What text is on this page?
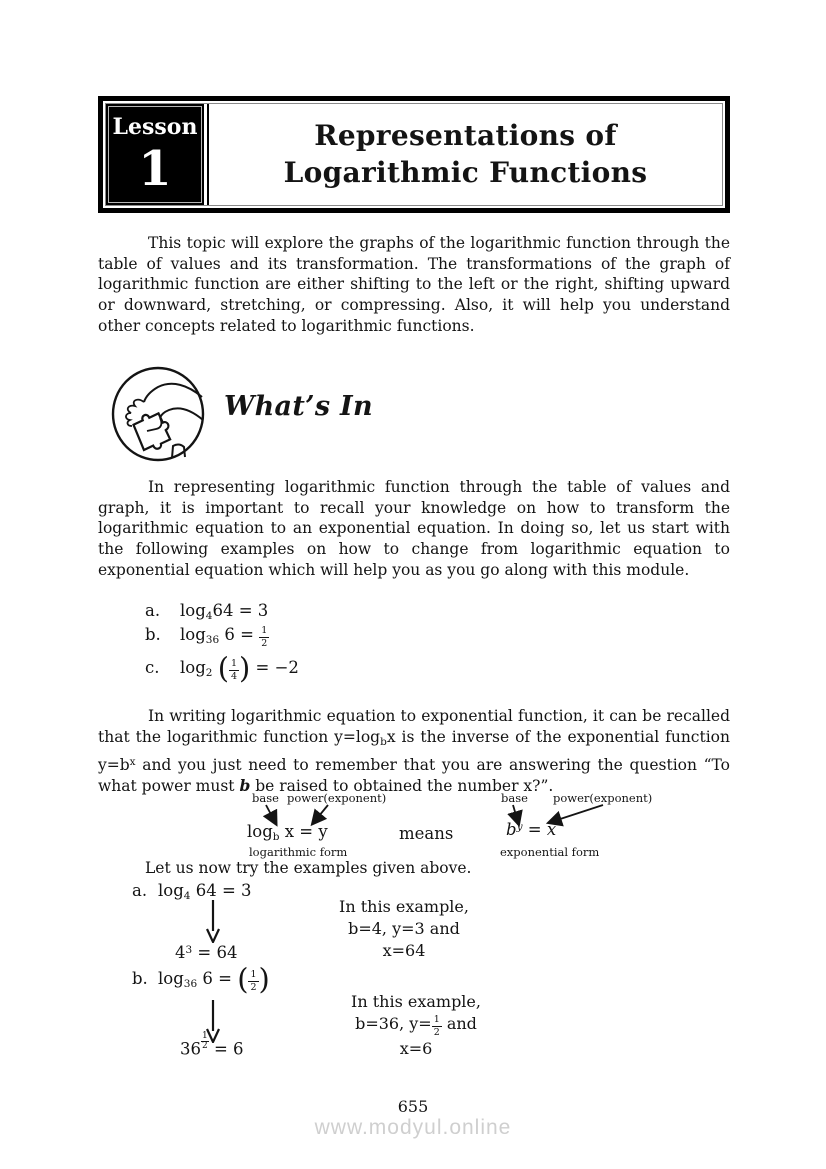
Lesson
1
Representations of
Logarithmic Functions

This topic will explore the graphs of the logarithmic function through the table of values and its transformation. The transformations of the graph of logarithmic function are either shifting to the left or the right, shifting upward or downward, stretching, or compressing. Also, it will help you understand other concepts related to logarithmic functions.

What’s In

In representing logarithmic function through the table of values and graph, it is important to recall your knowledge on how to transform the logarithmic equation to an exponential equation. In doing so, let us start with the following examples on how to change from logarithmic equation to exponential equation which will help you as you go along with this module.

a. $\log_464 = 3$
b. $\log_{36} 6 = \frac{1}{2}$
c. $\log_2$ ( $\frac{1}{4}$ ) = −2

In writing logarithmic equation to exponential function, it can be recalled that the logarithmic function $y=\log_bx$ is the inverse of the exponential function $y=b^x$ and you just need to remember that you are answering the question “To what power must b be raised to obtained the number x?”.

base power(exponent)
$\log_b x = y$
logarithmic form
means
base power(exponent)
$b^y = x$
exponential form
Let us now try the examples given above.
a. $\log_4 64 = 3$
$4^3 = 64$
In this example,
b=4, y=3 and
x=64
b. $\log_{36} 6$ = ( $\frac{1}{2}$ )
$36 \frac{1}{2} = 6$
In this example,
b=36, $y= \frac{1}{2}$ and
x=6
655
www.modyul.online
